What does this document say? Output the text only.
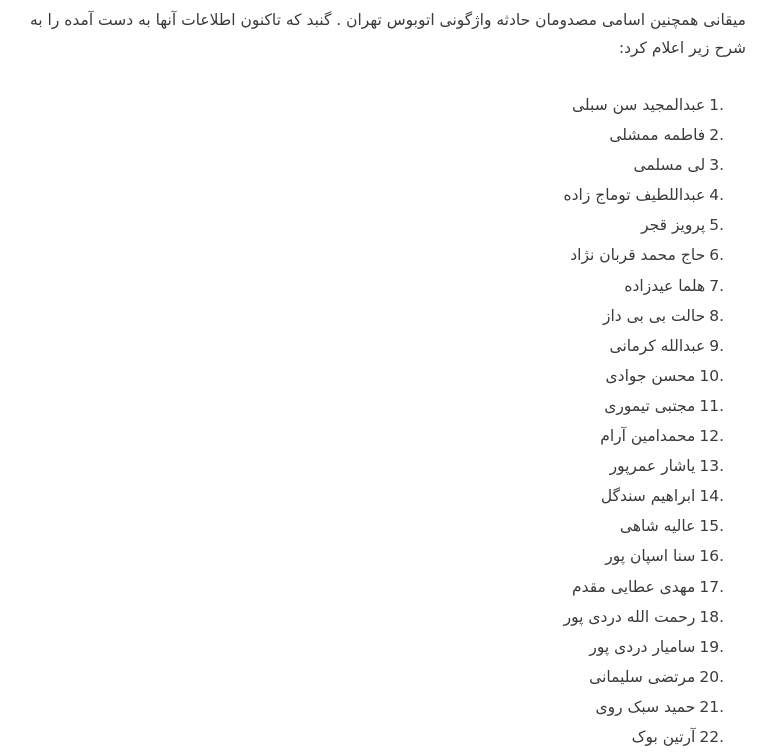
میقانی همچنین اسامی مصدومان حادثه واژگونی اتوبوس تهران . گنبد که تاکنون اطلاعات آنها به دست آمده را به
شرح زیر اعلام کرد:
1.عبدالمجید سن سبلی
2.فاطمه ممشلی
3.لی مسلمی
4.عبداللطیف توماج زاده
5.پرویز قجر
6.حاج محمد قربان نژاد
7.هلما عیدزاده
8.حالت بی بی داز
9.عبدالله کرمانی
10.محسن جوادی
11.مجتبی تیموری
12.محمدامین آرام
13.یاشار عمرپور
14.ابراهیم سندگل
15.عالیه شاهی
16.سنا اسپان پور
17.مهدی عطایی مقدم
18.رحمت الله دردی پور
19.سامیار دردی پور
20.مرتضی سلیمانی
21.حمید سبک روی
22.آرتین بوک
